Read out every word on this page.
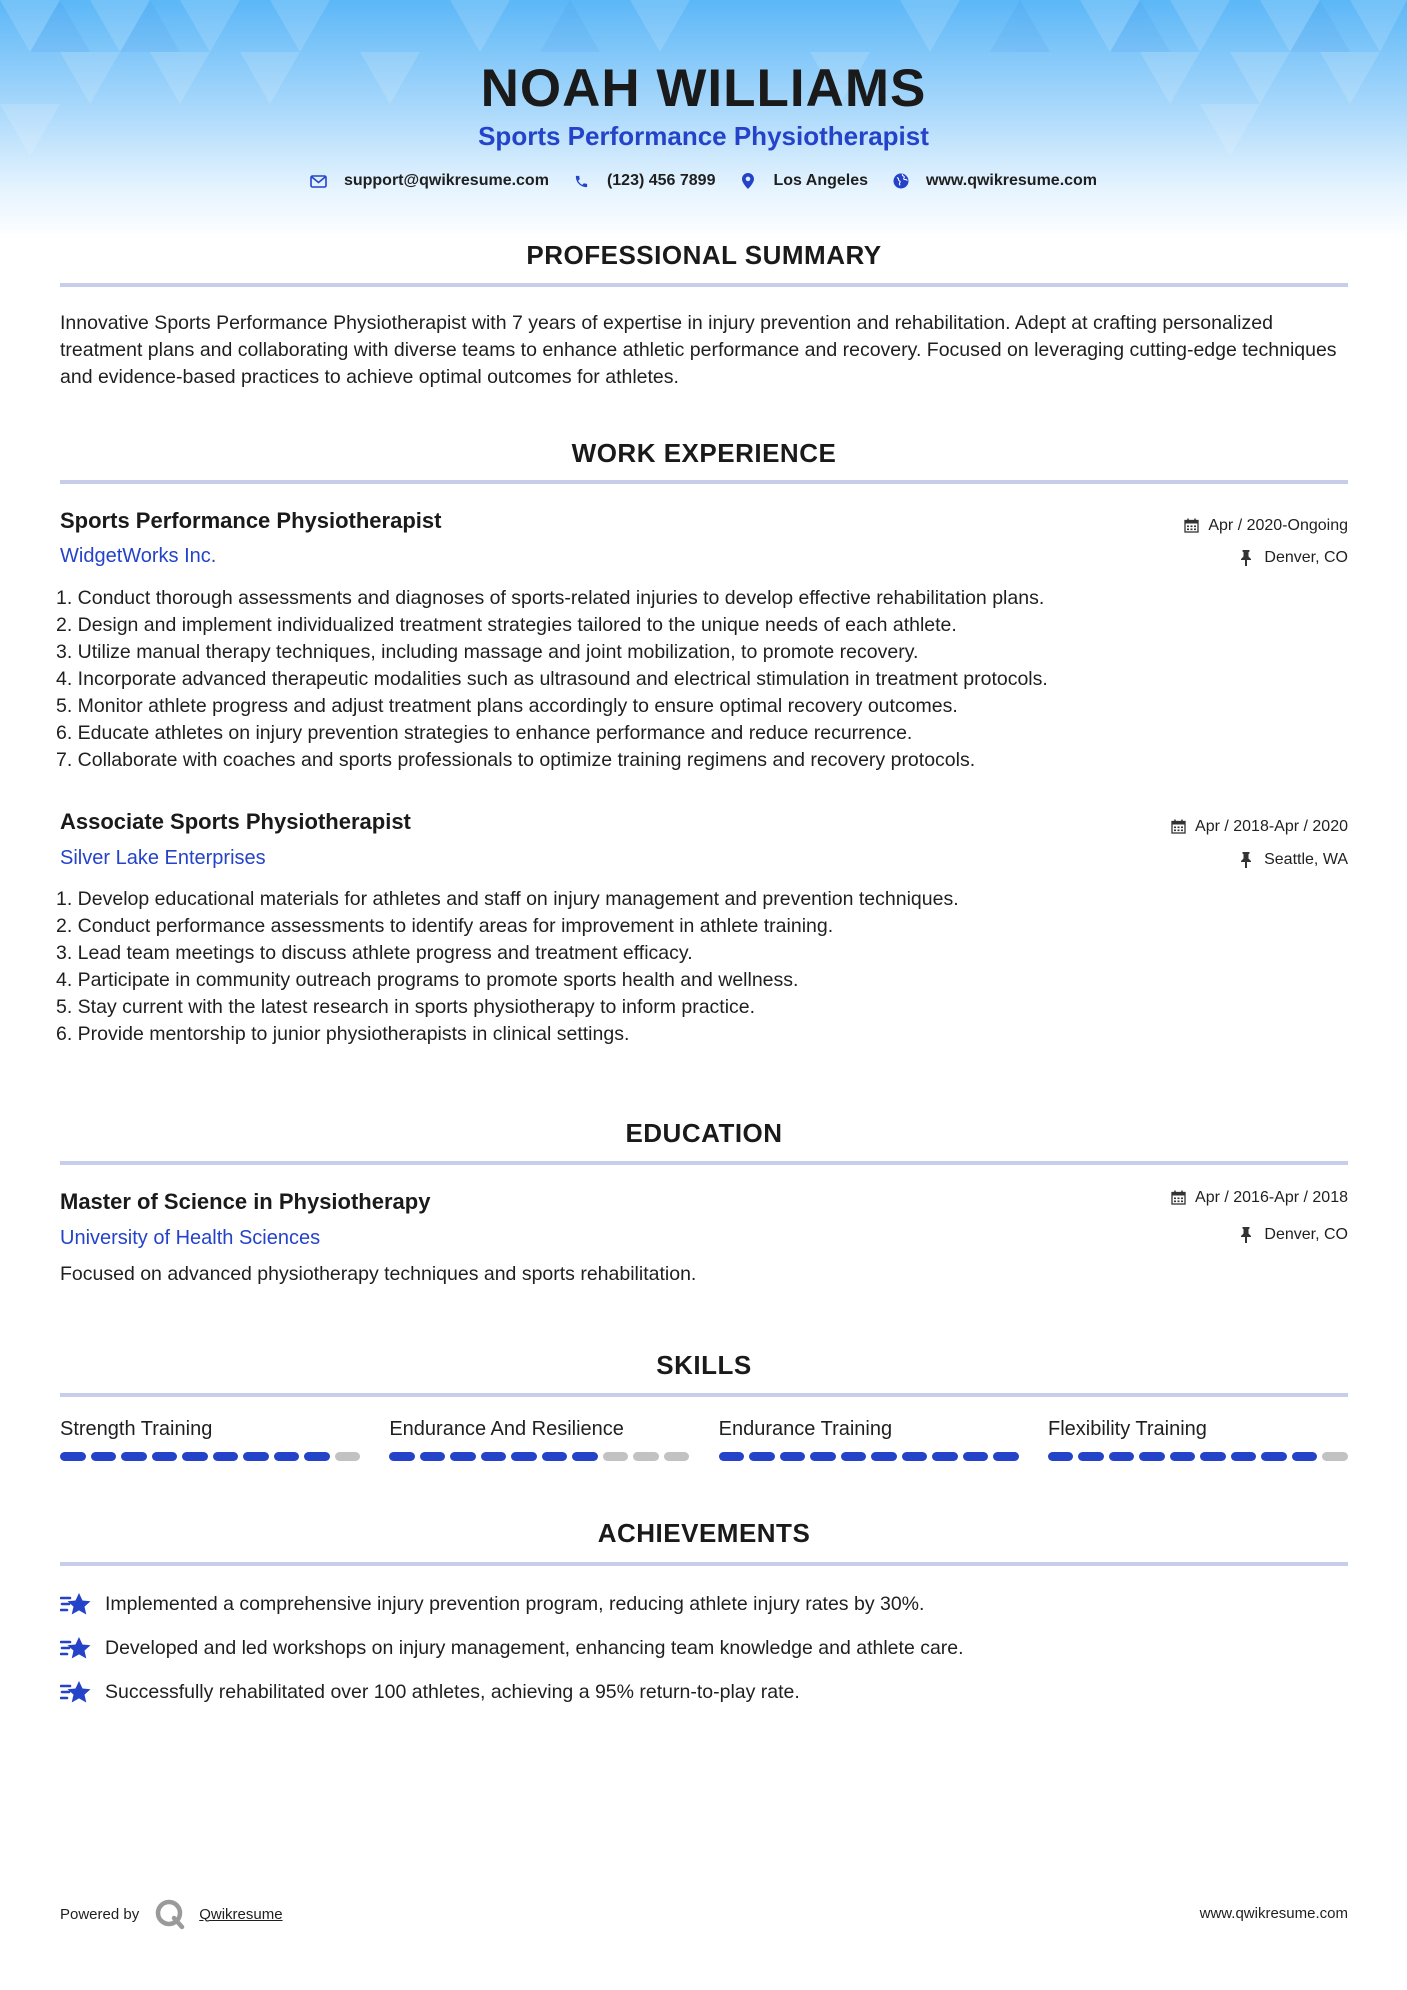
NOAH WILLIAMS
Sports Performance Physiotherapist
support@qwikresume.com	(123) 456 7899	Los Angeles	www.qwikresume.com
PROFESSIONAL SUMMARY
Innovative Sports Performance Physiotherapist with 7 years of expertise in injury prevention and rehabilitation. Adept at crafting personalized treatment plans and collaborating with diverse teams to enhance athletic performance and recovery. Focused on leveraging cutting-edge techniques and evidence-based practices to achieve optimal outcomes for athletes.
WORK EXPERIENCE
Sports Performance Physiotherapist	Apr / 2020-Ongoing
WidgetWorks Inc.	Denver, CO
1. Conduct thorough assessments and diagnoses of sports-related injuries to develop effective rehabilitation plans.
2. Design and implement individualized treatment strategies tailored to the unique needs of each athlete.
3. Utilize manual therapy techniques, including massage and joint mobilization, to promote recovery.
4. Incorporate advanced therapeutic modalities such as ultrasound and electrical stimulation in treatment protocols.
5. Monitor athlete progress and adjust treatment plans accordingly to ensure optimal recovery outcomes.
6. Educate athletes on injury prevention strategies to enhance performance and reduce recurrence.
7. Collaborate with coaches and sports professionals to optimize training regimens and recovery protocols.
Associate Sports Physiotherapist	Apr / 2018-Apr / 2020
Silver Lake Enterprises	Seattle, WA
1. Develop educational materials for athletes and staff on injury management and prevention techniques.
2. Conduct performance assessments to identify areas for improvement in athlete training.
3. Lead team meetings to discuss athlete progress and treatment efficacy.
4. Participate in community outreach programs to promote sports health and wellness.
5. Stay current with the latest research in sports physiotherapy to inform practice.
6. Provide mentorship to junior physiotherapists in clinical settings.
EDUCATION
Master of Science in Physiotherapy	Apr / 2016-Apr / 2018
University of Health Sciences	Denver, CO
Focused on advanced physiotherapy techniques and sports rehabilitation.
SKILLS
Strength Training	Endurance And Resilience	Endurance Training	Flexibility Training
ACHIEVEMENTS
Implemented a comprehensive injury prevention program, reducing athlete injury rates by 30%.
Developed and led workshops on injury management, enhancing team knowledge and athlete care.
Successfully rehabilitated over 100 athletes, achieving a 95% return-to-play rate.
Powered by	Qwikresume	www.qwikresume.com
